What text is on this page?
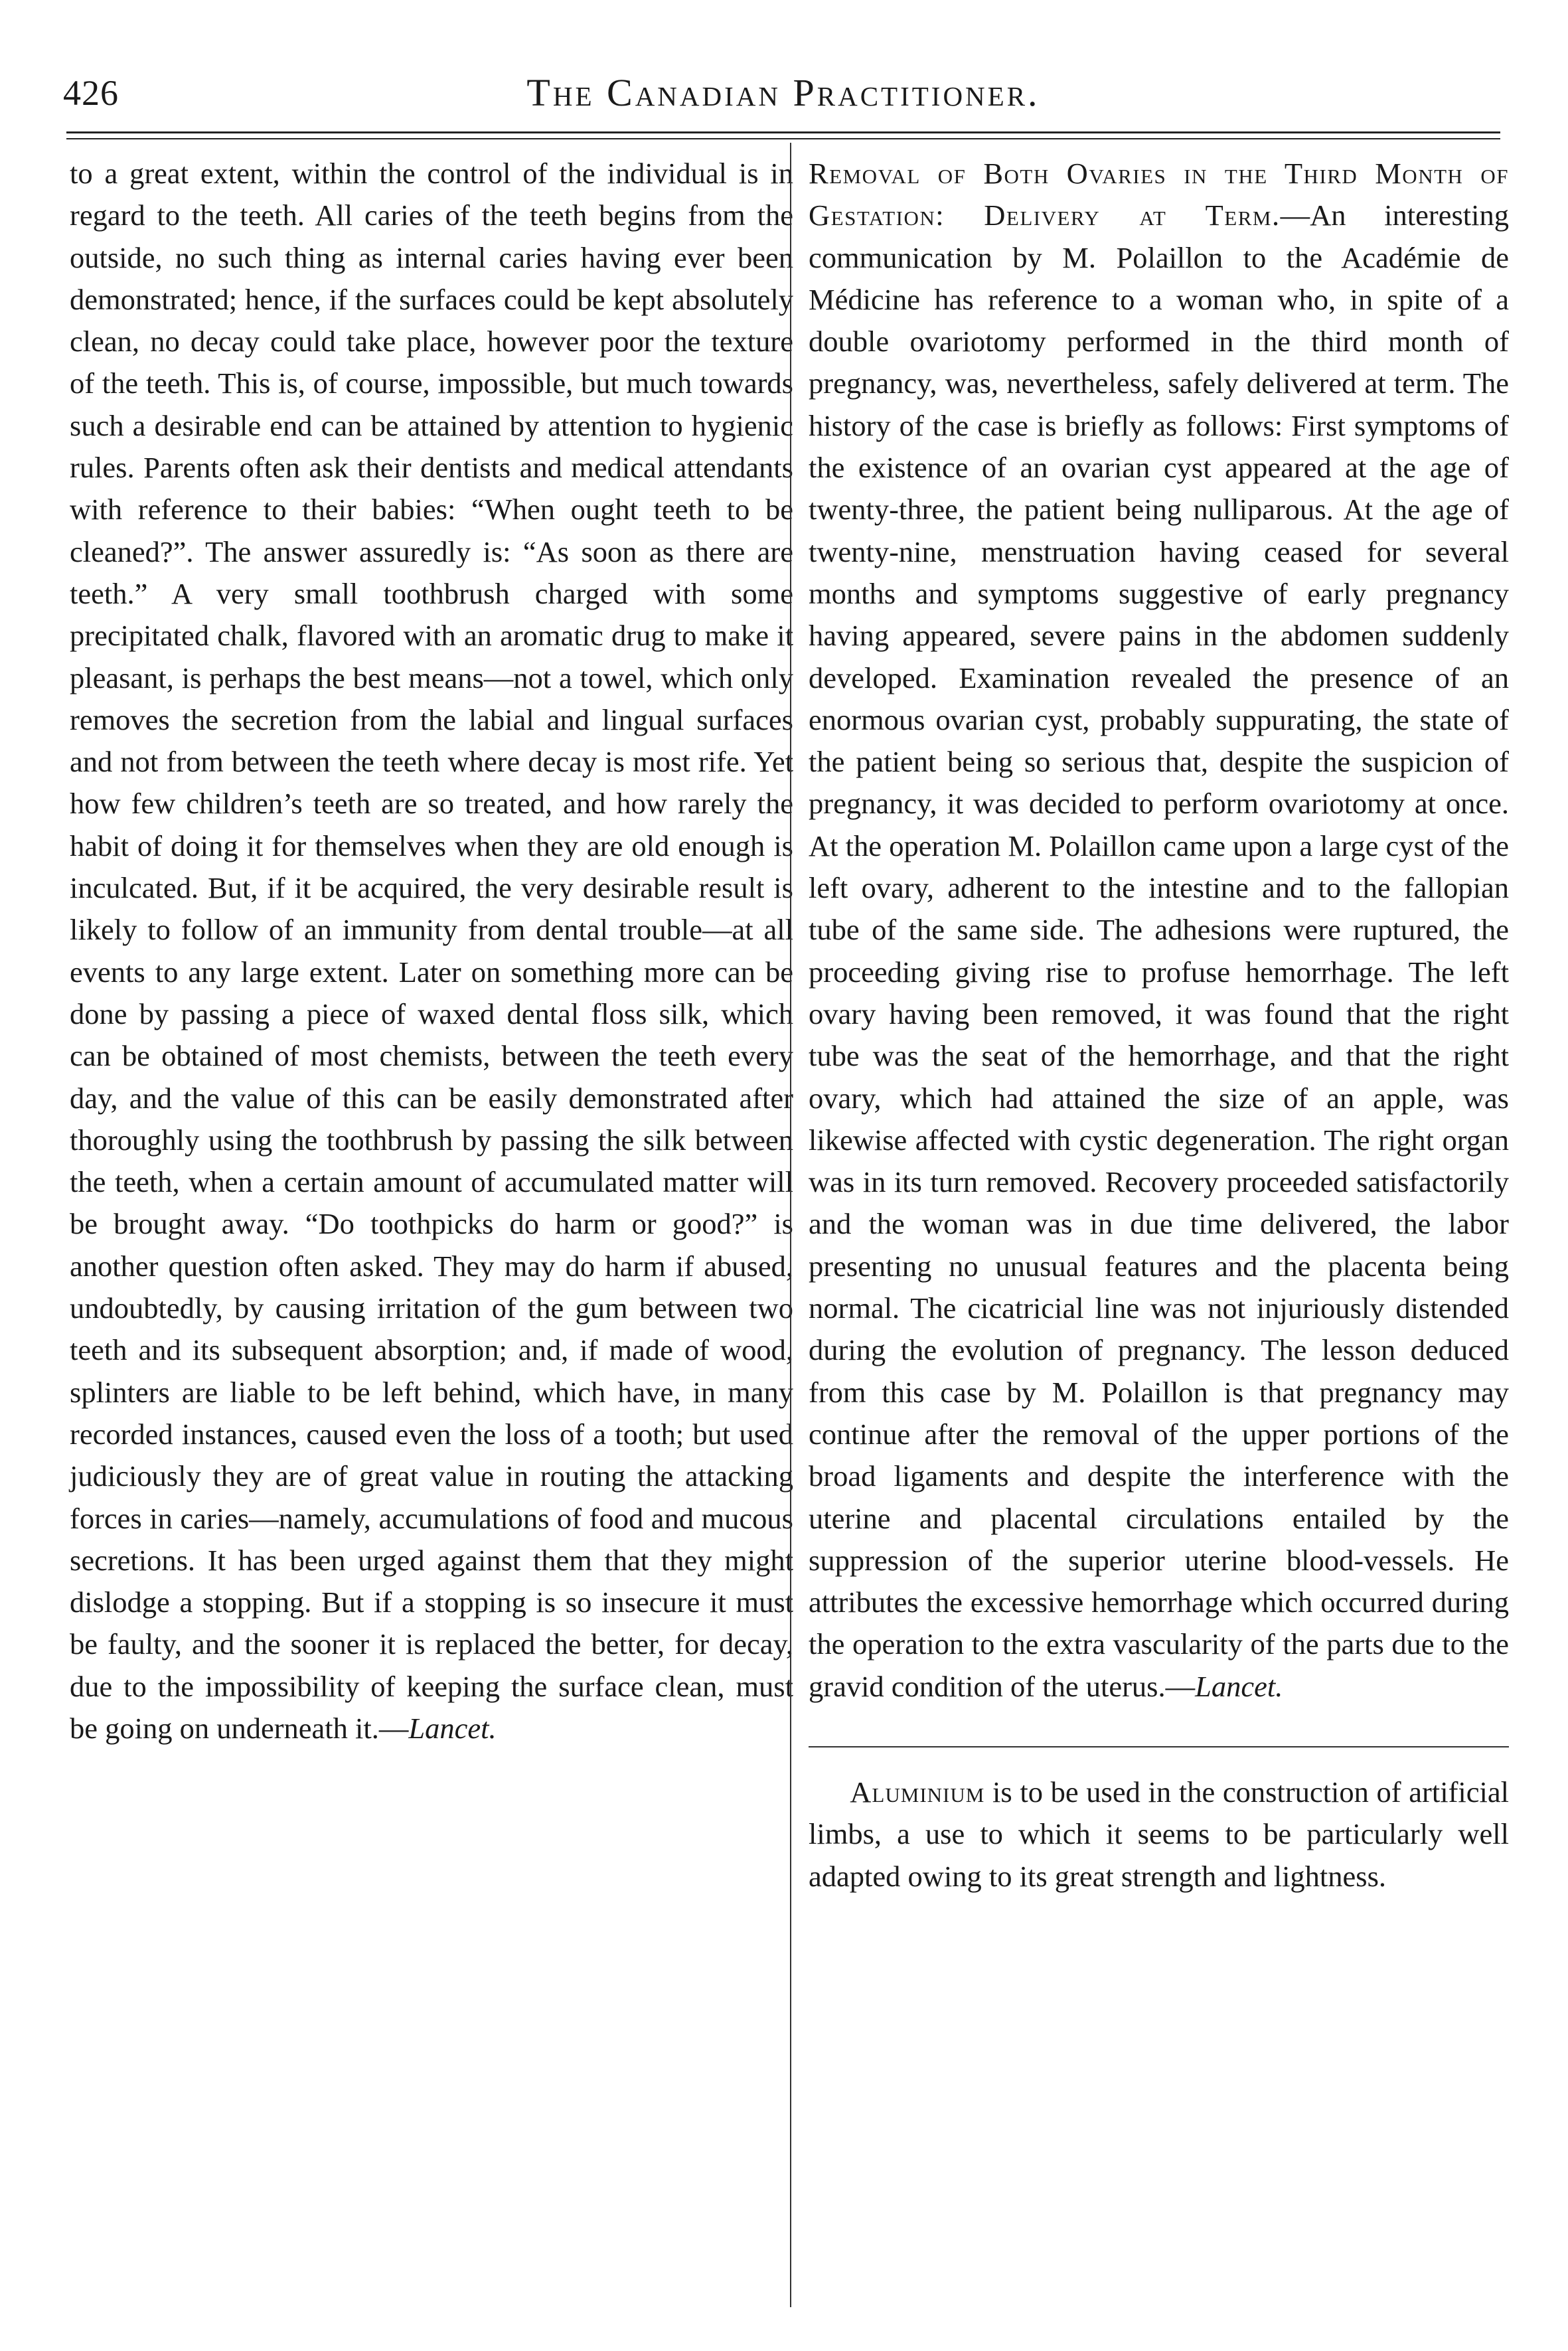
426	The Canadian Practitioner.

to a great extent, within the control of the individual is in regard to the teeth. All caries of the teeth begins from the outside, no such thing as internal caries having ever been demonstrated; hence, if the surfaces could be kept absolutely clean, no decay could take place, however poor the texture of the teeth. This is, of course, impossible, but much towards such a desirable end can be attained by attention to hygienic rules. Parents often ask their dentists and medical attendants with reference to their babies: “When ought teeth to be cleaned?”. The answer assuredly is: “As soon as there are teeth.” A very small toothbrush charged with some precipitated chalk, flavored with an aromatic drug to make it pleasant, is perhaps the best means—not a towel, which only removes the secretion from the labial and lingual surfaces and not from between the teeth where decay is most rife. Yet how few children’s teeth are so treated, and how rarely the habit of doing it for themselves when they are old enough is inculcated. But, if it be acquired, the very desirable result is likely to follow of an immunity from dental trouble—at all events to any large extent. Later on something more can be done by passing a piece of waxed dental floss silk, which can be obtained of most chemists, between the teeth every day, and the value of this can be easily demonstrated after thoroughly using the toothbrush by passing the silk between the teeth, when a certain amount of accumulated matter will be brought away. “Do toothpicks do harm or good?” is another question often asked. They may do harm if abused, undoubtedly, by causing irritation of the gum between two teeth and its subsequent absorption; and, if made of wood, splinters are liable to be left behind, which have, in many recorded instances, caused even the loss of a tooth; but used judiciously they are of great value in routing the attacking forces in caries—namely, accumulations of food and mucous secretions. It has been urged against them that they might dislodge a stopping. But if a stopping is so insecure it must be faulty, and the sooner it is replaced the better, for decay, due to the impossibility of keeping the surface clean, must be going on underneath it.—Lancet.

Removal of Both Ovaries in the Third Month of Gestation: Delivery at Term.—An interesting communication by M. Polaillon to the Académie de Médicine has reference to a woman who, in spite of a double ovariotomy performed in the third month of pregnancy, was, nevertheless, safely delivered at term. The history of the case is briefly as follows: First symptoms of the existence of an ovarian cyst appeared at the age of twenty-three, the patient being nulliparous. At the age of twenty-nine, menstruation having ceased for several months and symptoms suggestive of early pregnancy having appeared, severe pains in the abdomen suddenly developed. Examination revealed the presence of an enormous ovarian cyst, probably suppurating, the state of the patient being so serious that, despite the suspicion of pregnancy, it was decided to perform ovariotomy at once. At the operation M. Polaillon came upon a large cyst of the left ovary, adherent to the intestine and to the fallopian tube of the same side. The adhesions were ruptured, the proceeding giving rise to profuse hemorrhage. The left ovary having been removed, it was found that the right tube was the seat of the hemorrhage, and that the right ovary, which had attained the size of an apple, was likewise affected with cystic degeneration. The right organ was in its turn removed. Recovery proceeded satisfactorily and the woman was in due time delivered, the labor presenting no unusual features and the placenta being normal. The cicatricial line was not injuriously distended during the evolution of pregnancy. The lesson deduced from this case by M. Polaillon is that pregnancy may continue after the removal of the upper portions of the broad ligaments and despite the interference with the uterine and placental circulations entailed by the suppression of the superior uterine blood-vessels. He attributes the excessive hemorrhage which occurred during the operation to the extra vascularity of the parts due to the gravid condition of the uterus.—Lancet.

Aluminium is to be used in the construction of artificial limbs, a use to which it seems to be particularly well adapted owing to its great strength and lightness.
